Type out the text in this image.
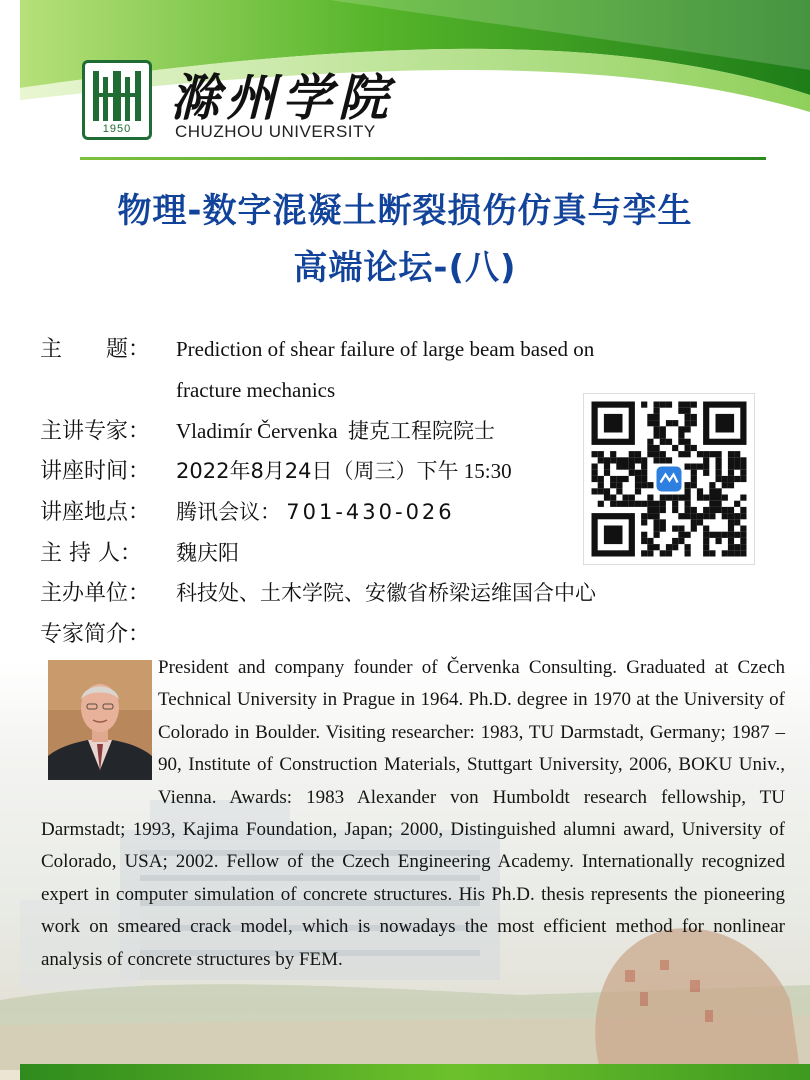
1950
滁州学院
CHUZHOU UNIVERSITY
物理-数字混凝土断裂损伤仿真与孪生
高端论坛-(八)
主　　题： Prediction of shear failure of large beam based on
fracture mechanics
主讲专家： Vladimír Červenka 捷克工程院院士
讲座时间： 2022年8月24日（周三）下午 15:30
讲座地点： 腾讯会议： 701-430-026
主 持 人： 魏庆阳
主办单位： 科技处、土木学院、安徽省桥梁运维国合中心
专家简介：
President and company founder of Červenka Consulting. Graduated at Czech Technical University in Prague in 1964. Ph.D. degree in 1970 at the University of Colorado in Boulder. Visiting researcher: 1983, TU Darmstadt, Germany; 1987 – 90, Institute of Construction Materials, Stuttgart University, 2006, BOKU Univ., Vienna. Awards: 1983 Alexander von Humboldt research fellowship, TU Darmstadt; 1993, Kajima Foundation, Japan; 2000, Distinguished alumni award, University of Colorado, USA; 2002. Fellow of the Czech Engineering Academy. Internationally recognized expert in computer simulation of concrete structures. His Ph.D. thesis represents the pioneering work on smeared crack model, which is nowadays the most efficient method for nonlinear analysis of concrete structures by FEM.
